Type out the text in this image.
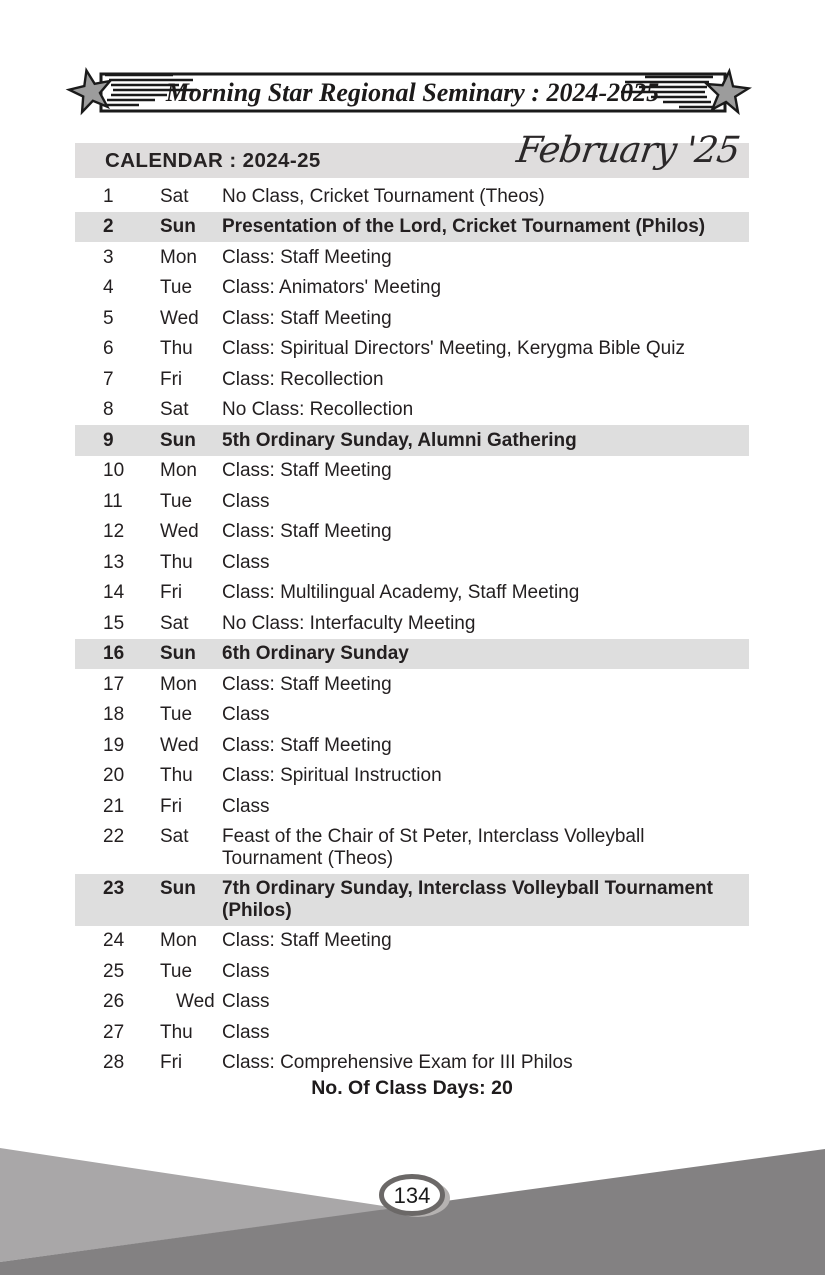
Morning Star Regional Seminary : 2024-2025
CALENDAR : 2024-25	February '25
1	Sat	No Class, Cricket Tournament (Theos)
2	Sun	Presentation of the Lord, Cricket Tournament (Philos)
3	Mon	Class: Staff Meeting
4	Tue	Class: Animators' Meeting
5	Wed	Class: Staff Meeting
6	Thu	Class: Spiritual Directors' Meeting, Kerygma Bible Quiz
7	Fri	Class: Recollection
8	Sat	No Class: Recollection
9	Sun	5th Ordinary Sunday, Alumni Gathering
10	Mon	Class: Staff Meeting
11	Tue	Class
12	Wed	Class: Staff Meeting
13	Thu	Class
14	Fri	Class: Multilingual Academy, Staff Meeting
15	Sat	No Class: Interfaculty Meeting
16	Sun	6th Ordinary Sunday
17	Mon	Class: Staff Meeting
18	Tue	Class
19	Wed	Class: Staff Meeting
20	Thu	Class: Spiritual Instruction
21	Fri	Class
22	Sat	Feast of the Chair of St Peter, Interclass Volleyball Tournament (Theos)
23	Sun	7th Ordinary Sunday, Interclass Volleyball Tournament (Philos)
24	Mon	Class: Staff Meeting
25	Tue	Class
26	Wed Class
27	Thu	Class
28	Fri	Class: Comprehensive Exam for III Philos
No. Of Class Days: 20
134
